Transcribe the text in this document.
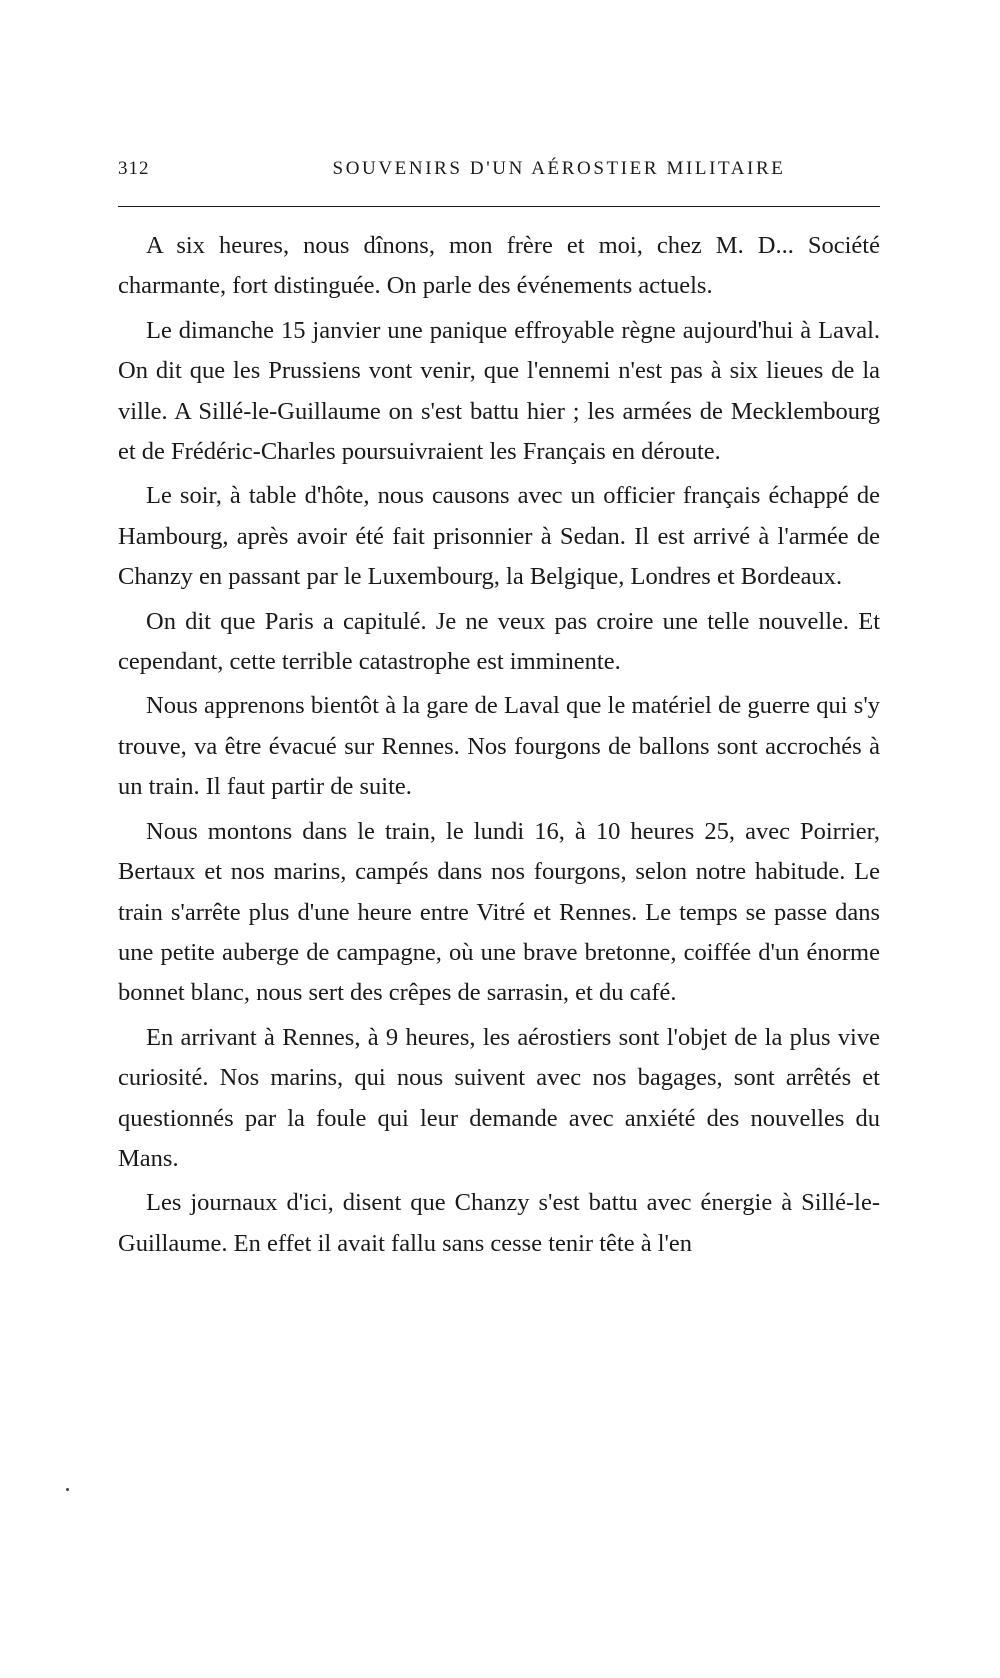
312	SOUVENIRS D'UN AÉROSTIER MILITAIRE

A six heures, nous dînons, mon frère et moi, chez M. D... Société charmante, fort distinguée. On parle des événements actuels.

Le dimanche 15 janvier une panique effroyable règne aujourd'hui à Laval. On dit que les Prussiens vont venir, que l'ennemi n'est pas à six lieues de la ville. A Sillé-le-Guillaume on s'est battu hier ; les armées de Mecklembourg et de Frédéric-Charles poursuivraient les Français en déroute.

Le soir, à table d'hôte, nous causons avec un officier français échappé de Hambourg, après avoir été fait prisonnier à Sedan. Il est arrivé à l'armée de Chanzy en passant par le Luxembourg, la Belgique, Londres et Bordeaux.

On dit que Paris a capitulé. Je ne veux pas croire une telle nouvelle. Et cependant, cette terrible catastrophe est imminente.

Nous apprenons bientôt à la gare de Laval que le matériel de guerre qui s'y trouve, va être évacué sur Rennes. Nos fourgons de ballons sont accrochés à un train. Il faut partir de suite.

Nous montons dans le train, le lundi 16, à 10 heures 25, avec Poirrier, Bertaux et nos marins, campés dans nos fourgons, selon notre habitude. Le train s'arrête plus d'une heure entre Vitré et Rennes. Le temps se passe dans une petite auberge de campagne, où une brave bretonne, coiffée d'un énorme bonnet blanc, nous sert des crêpes de sarrasin, et du café.

En arrivant à Rennes, à 9 heures, les aérostiers sont l'objet de la plus vive curiosité. Nos marins, qui nous suivent avec nos bagages, sont arrêtés et questionnés par la foule qui leur demande avec anxiété des nouvelles du Mans.

Les journaux d'ici, disent que Chanzy s'est battu avec énergie à Sillé-le-Guillaume. En effet il avait fallu sans cesse tenir tête à l'en
